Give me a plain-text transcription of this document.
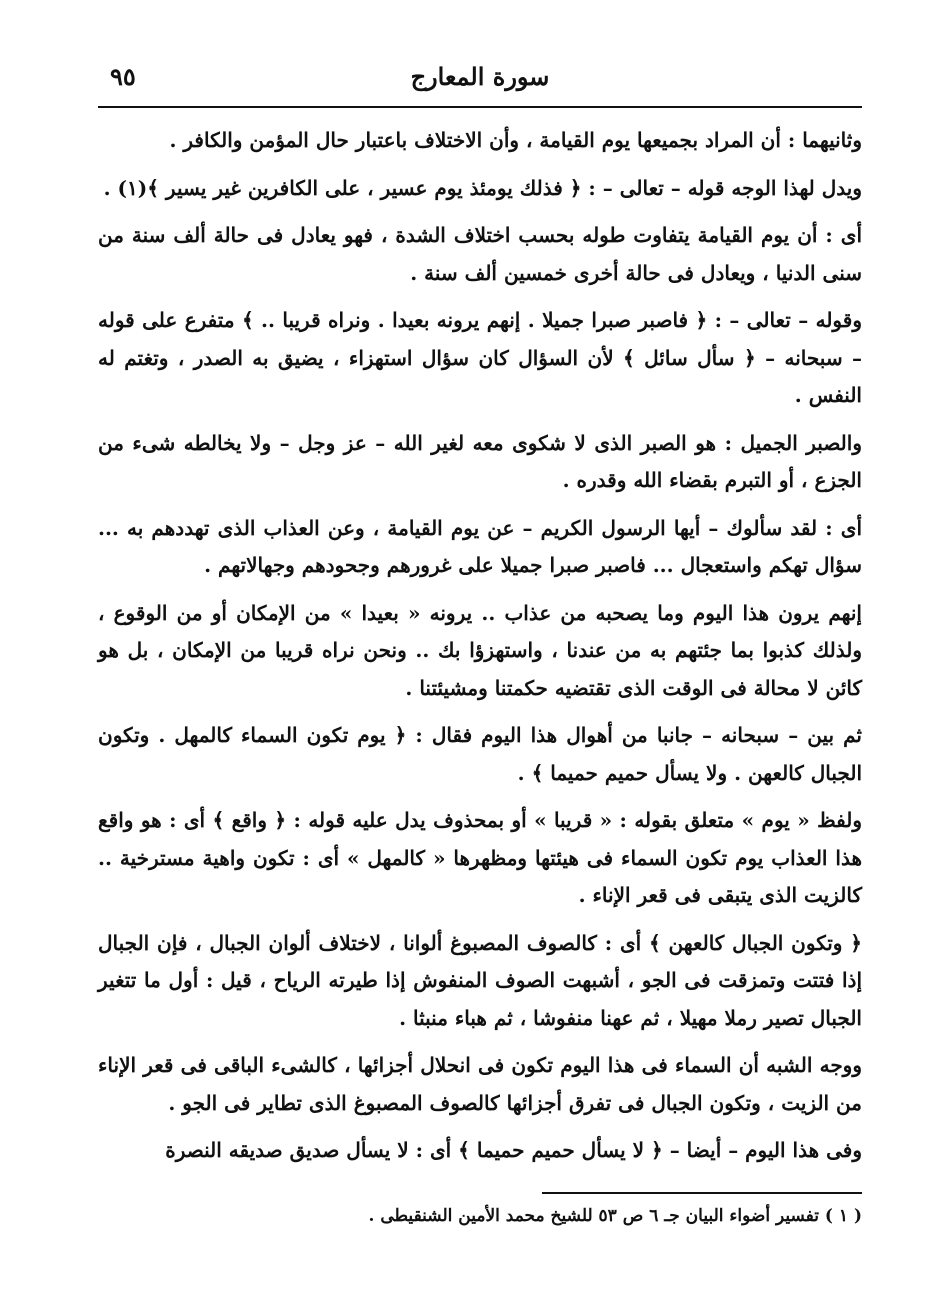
٩٥	سورة المعارج

وثانيهما : أن المراد بجميعها يوم القيامة ، وأن الاختلاف باعتبار حال المؤمن والكافر .

ويدل لهذا الوجه قوله – تعالى – : ﴿ فذلك يومئذ يوم عسير ، على الكافرين غير يسير ﴾(١) .

أى : أن يوم القيامة يتفاوت طوله بحسب اختلاف الشدة ، فهو يعادل فى حالة ألف سنة من سنى الدنيا ، ويعادل فى حالة أخرى خمسين ألف سنة .

وقوله – تعالى – : ﴿ فاصبر صبرا جميلا . إنهم يرونه بعيدا . ونراه قريبا .. ﴾ متفرع على قوله – سبحانه – ﴿ سأل سائل ﴾ لأن السؤال كان سؤال استهزاء ، يضيق به الصدر ، وتغتم له النفس .

والصبر الجميل : هو الصبر الذى لا شكوى معه لغير الله – عز وجل – ولا يخالطه شىء من الجزع ، أو التبرم بقضاء الله وقدره .

أى : لقد سألوك – أيها الرسول الكريم – عن يوم القيامة ، وعن العذاب الذى تهددهم به ... سؤال تهكم واستعجال ... فاصبر صبرا جميلا على غرورهم وجحودهم وجهالاتهم .

إنهم يرون هذا اليوم وما يصحبه من عذاب .. يرونه « بعيدا » من الإمكان أو من الوقوع ، ولذلك كذبوا بما جئتهم به من عندنا ، واستهزؤا بك .. ونحن نراه قريبا من الإمكان ، بل هو كائن لا محالة فى الوقت الذى تقتضيه حكمتنا ومشيئتنا .

ثم بين – سبحانه – جانبا من أهوال هذا اليوم فقال : ﴿ يوم تكون السماء كالمهل . وتكون الجبال كالعهن . ولا يسأل حميم حميما ﴾ .

ولفظ « يوم » متعلق بقوله : « قريبا » أو بمحذوف يدل عليه قوله : ﴿ واقع ﴾ أى : هو واقع هذا العذاب يوم تكون السماء فى هيئتها ومظهرها « كالمهل » أى : تكون واهية مسترخية .. كالزيت الذى يتبقى فى قعر الإناء .

﴿ وتكون الجبال كالعهن ﴾ أى : كالصوف المصبوغ ألوانا ، لاختلاف ألوان الجبال ، فإن الجبال إذا فتتت وتمزقت فى الجو ، أشبهت الصوف المنفوش إذا طيرته الرياح ، قيل : أول ما تتغير الجبال تصير رملا مهيلا ، ثم عهنا منفوشا ، ثم هباء منبثا .

ووجه الشبه أن السماء فى هذا اليوم تكون فى انحلال أجزائها ، كالشىء الباقى فى قعر الإناء من الزيت ، وتكون الجبال فى تفرق أجزائها كالصوف المصبوغ الذى تطاير فى الجو .

وفى هذا اليوم – أيضا – ﴿ لا يسأل حميم حميما ﴾ أى : لا يسأل صديق صديقه النصرة

( ١ ) تفسير أضواء البيان جـ ٦ ص ٥٣ للشيخ محمد الأمين الشنقيطى .
